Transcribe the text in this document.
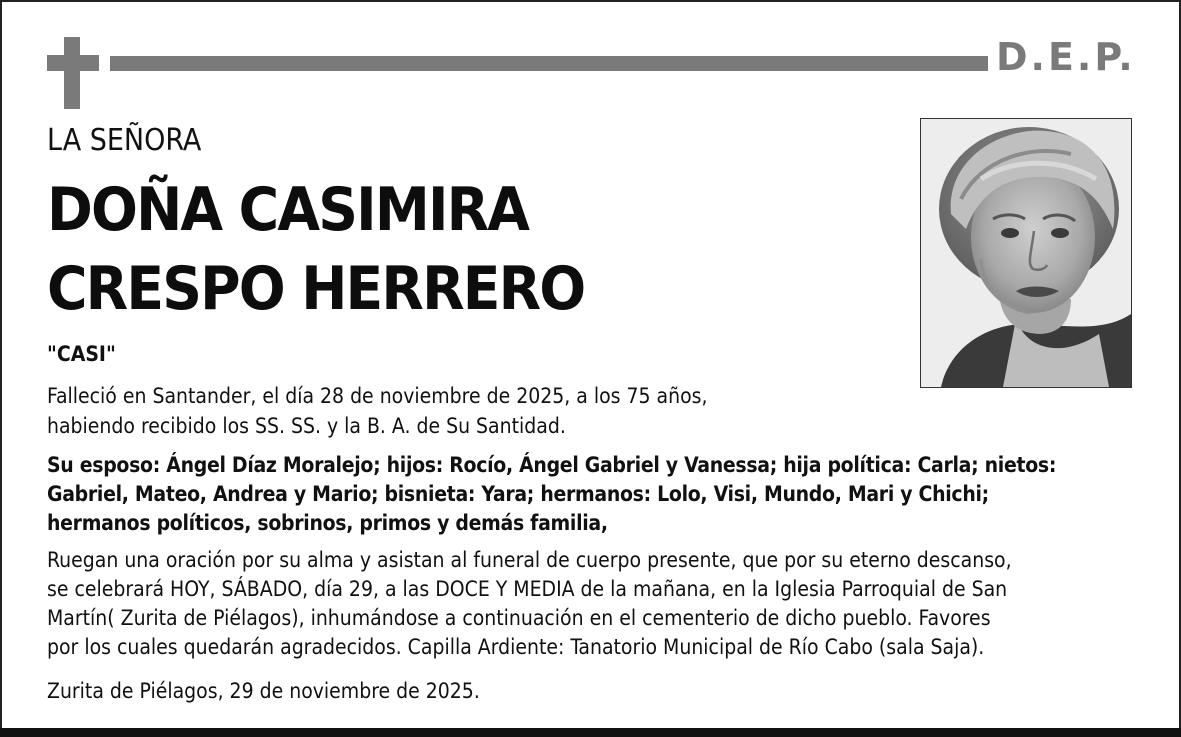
D.E.P.
LA SEÑORA
DOÑA CASIMIRA
CRESPO HERRERO
"CASI"

Falleció en Santander, el día 28 de noviembre de 2025, a los 75 años,

habiendo recibido los SS. SS. y la B. A. de Su Santidad.

Su esposo: Ángel Díaz Moralejo; hijos: Rocío, Ángel Gabriel y Vanessa; hija política: Carla; nietos:

Gabriel, Mateo, Andrea y Mario; bisnieta: Yara; hermanos: Lolo, Visi, Mundo, Mari y Chichi;

hermanos políticos, sobrinos, primos y demás familia,

Ruegan una oración por su alma y asistan al funeral de cuerpo presente, que por su eterno descanso,

se celebrará HOY, SÁBADO, día 29, a las DOCE Y MEDIA de la mañana, en la Iglesia Parroquial de San

Martín( Zurita de Piélagos), inhumándose a continuación en el cementerio de dicho pueblo. Favores

por los cuales quedarán agradecidos. Capilla Ardiente: Tanatorio Municipal de Río Cabo (sala Saja).

Zurita de Piélagos, 29 de noviembre de 2025.
